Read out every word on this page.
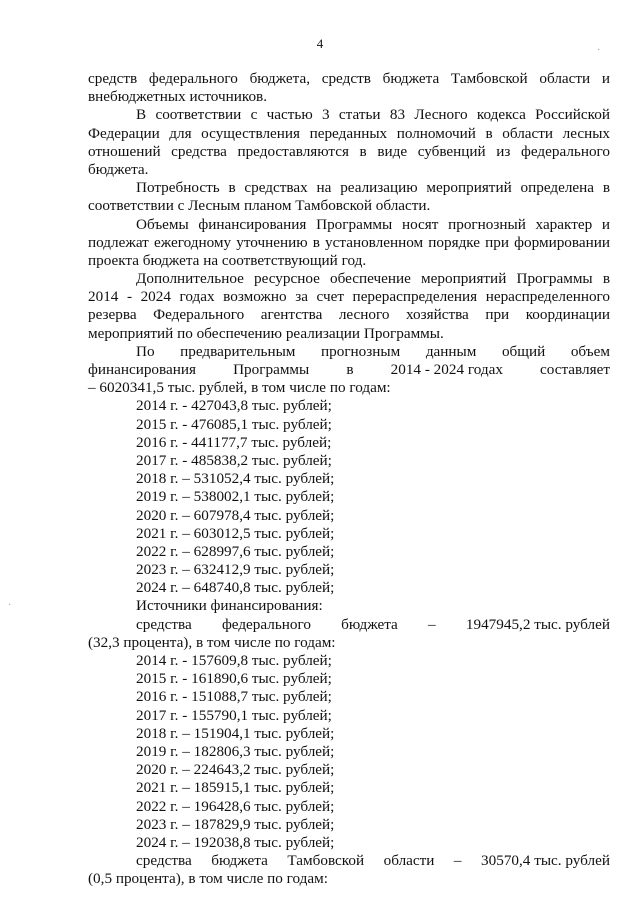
4	·
·
средств федерального бюджета, средств бюджета Тамбовской области и
внебюджетных источников.
В соответствии с частью 3 статьи 83 Лесного кодекса Российской
Федерации для осуществления переданных полномочий в области лесных
отношений средства предоставляются в виде субвенций из федерального
бюджета.
Потребность в средствах на реализацию мероприятий определена в
соответствии с Лесным планом Тамбовской области.
Объемы финансирования Программы носят прогнозный характер и
подлежат ежегодному уточнению в установленном порядке при формировании
проекта бюджета на соответствующий год.
Дополнительное ресурсное обеспечение мероприятий Программы в
2014 - 2024 годах возможно за счет перераспределения нераспределенного
резерва Федерального агентства лесного хозяйства при координации
мероприятий по обеспечению реализации Программы.
По предварительным прогнозным данным общий объем
финансирования Программы в 2014 - 2024 годах составляет
– 6020341,5 тыс. рублей, в том числе по годам:
2014 г. - 427043,8 тыс. рублей;
2015 г. - 476085,1 тыс. рублей;
2016 г. - 441177,7 тыс. рублей;
2017 г. - 485838,2 тыс. рублей;
2018 г. – 531052,4 тыс. рублей;
2019 г. – 538002,1 тыс. рублей;
2020 г. – 607978,4 тыс. рублей;
2021 г. – 603012,5 тыс. рублей;
2022 г. – 628997,6 тыс. рублей;
2023 г. – 632412,9 тыс. рублей;
2024 г. – 648740,8 тыс. рублей;
Источники финансирования:
средства федерального бюджета – 1947945,2 тыс. рублей
(32,3 процента), в том числе по годам:
2014 г. - 157609,8 тыс. рублей;
2015 г. - 161890,6 тыс. рублей;
2016 г. - 151088,7 тыс. рублей;
2017 г. - 155790,1 тыс. рублей;
2018 г. – 151904,1 тыс. рублей;
2019 г. – 182806,3 тыс. рублей;
2020 г. – 224643,2 тыс. рублей;
2021 г. – 185915,1 тыс. рублей;
2022 г. – 196428,6 тыс. рублей;
2023 г. – 187829,9 тыс. рублей;
2024 г. – 192038,8 тыс. рублей;
средства бюджета Тамбовской области – 30570,4 тыс. рублей
(0,5 процента), в том числе по годам:
